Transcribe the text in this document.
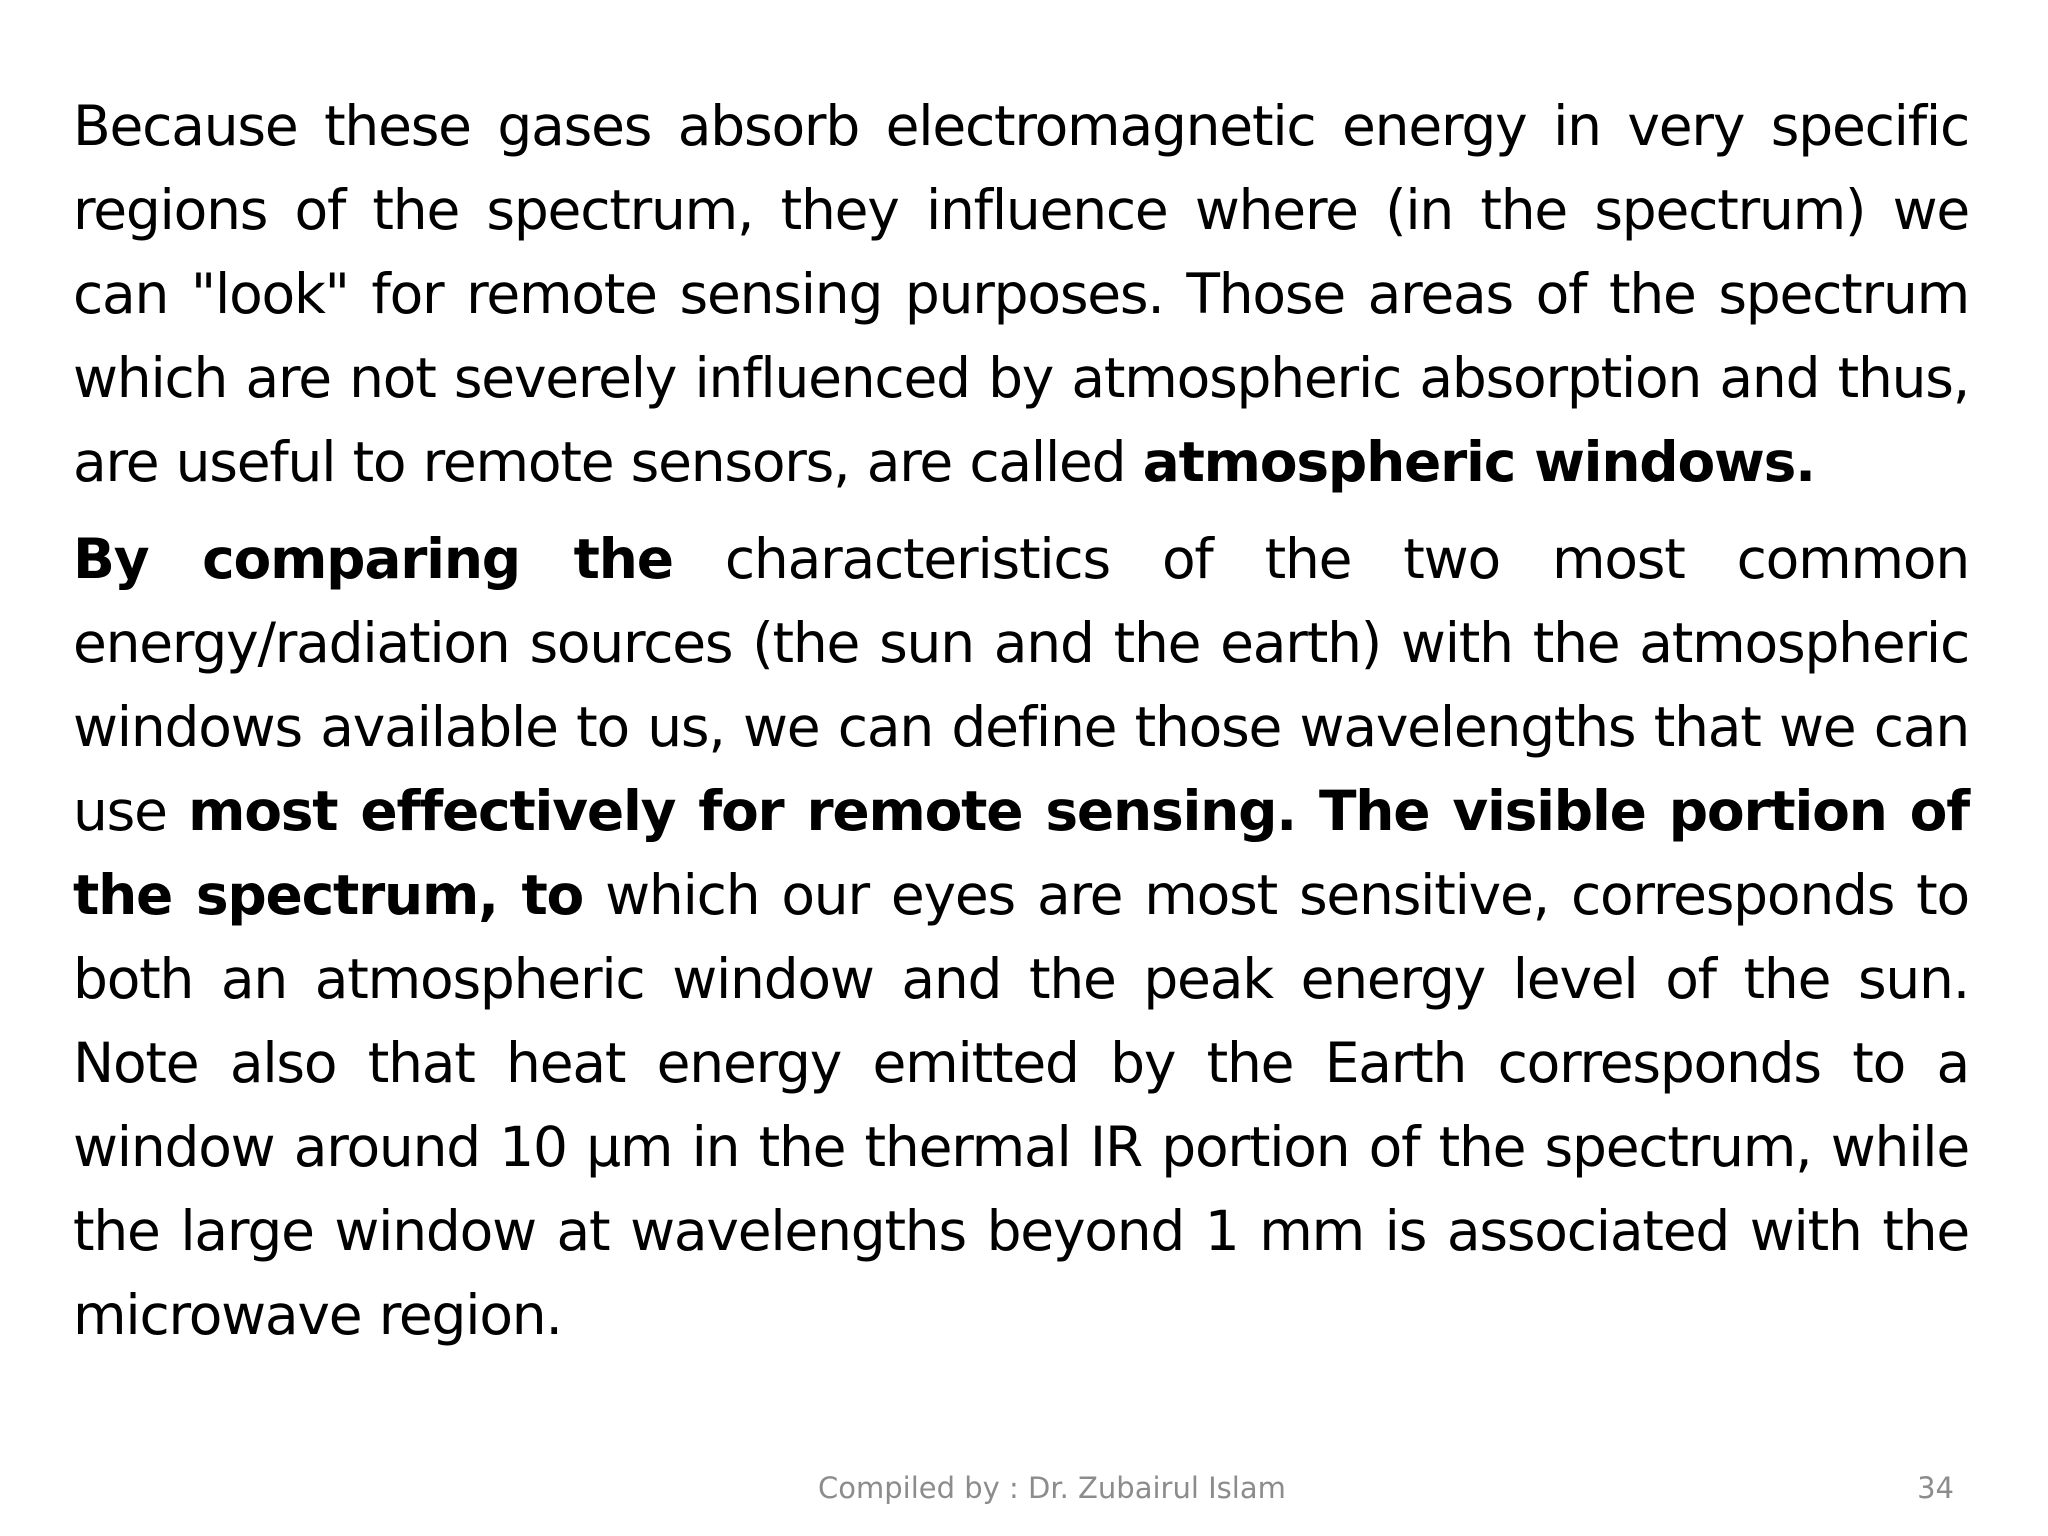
Because these gases absorb electromagnetic energy in very specific regions of the spectrum, they influence where (in the spectrum) we can "look" for remote sensing purposes. Those areas of the spectrum which are not severely influenced by atmospheric absorption and thus, are useful to remote sensors, are called atmospheric windows.

By comparing the characteristics of the two most common energy/radiation sources (the sun and the earth) with the atmospheric windows available to us, we can define those wavelengths that we can use most effectively for remote sensing. The visible portion of the spectrum, to which our eyes are most sensitive, corresponds to both an atmospheric window and the peak energy level of the sun. Note also that heat energy emitted by the Earth corresponds to a window around 10 µm in the thermal IR portion of the spectrum, while the large window at wavelengths beyond 1 mm is associated with the microwave region.

Compiled by : Dr. Zubairul Islam	34
